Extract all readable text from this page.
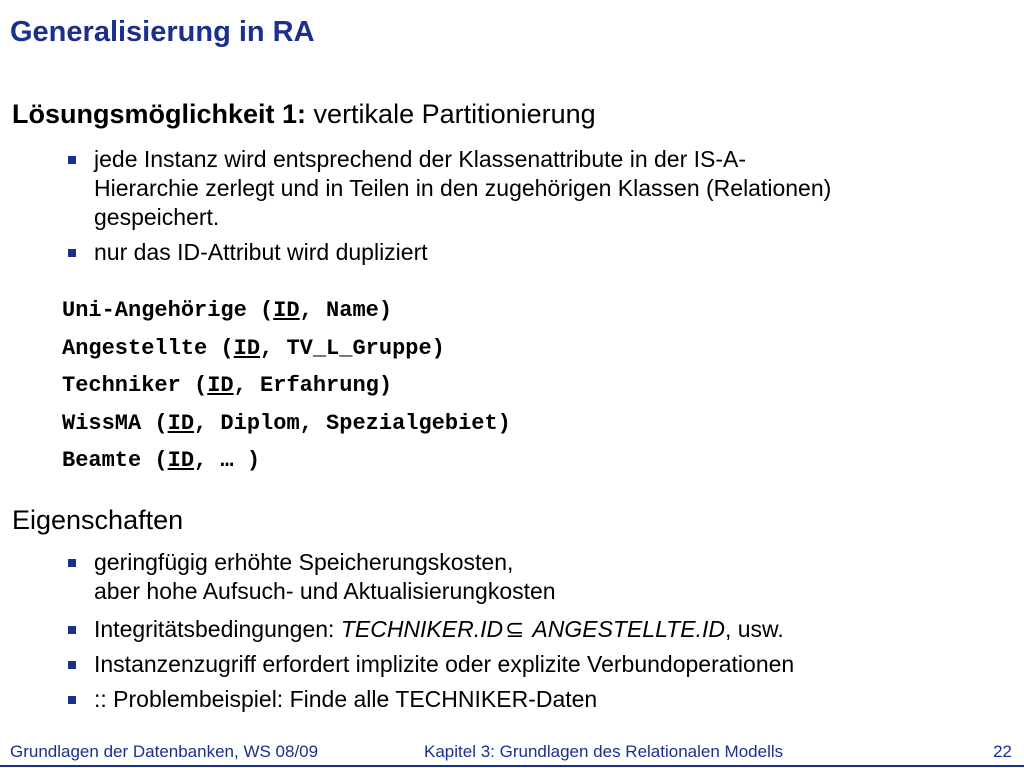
Generalisierung in RA
Lösungsmöglichkeit 1: vertikale Partitionierung
jede Instanz wird entsprechend der Klassenattribute in der IS-A-
Hierarchie zerlegt und in Teilen in den zugehörigen Klassen (Relationen)
gespeichert.
nur das ID-Attribut wird dupliziert
Uni-Angehörige (ID, Name)
Angestellte (ID, TV_L_Gruppe)
Techniker (ID, Erfahrung)
WissMA (ID, Diplom, Spezialgebiet)
Beamte (ID, … )
Eigenschaften
geringfügig erhöhte Speicherungskosten,
aber hohe Aufsuch- und Aktualisierungkosten
Integritätsbedingungen: TECHNIKER.ID⊆ ANGESTELLTE.ID, usw.
Instanzenzugriff erfordert implizite oder explizite Verbundoperationen
:: Problembeispiel: Finde alle TECHNIKER-Daten
Grundlagen der Datenbanken, WS 08/09	Kapitel 3: Grundlagen des Relationalen Modells	22
